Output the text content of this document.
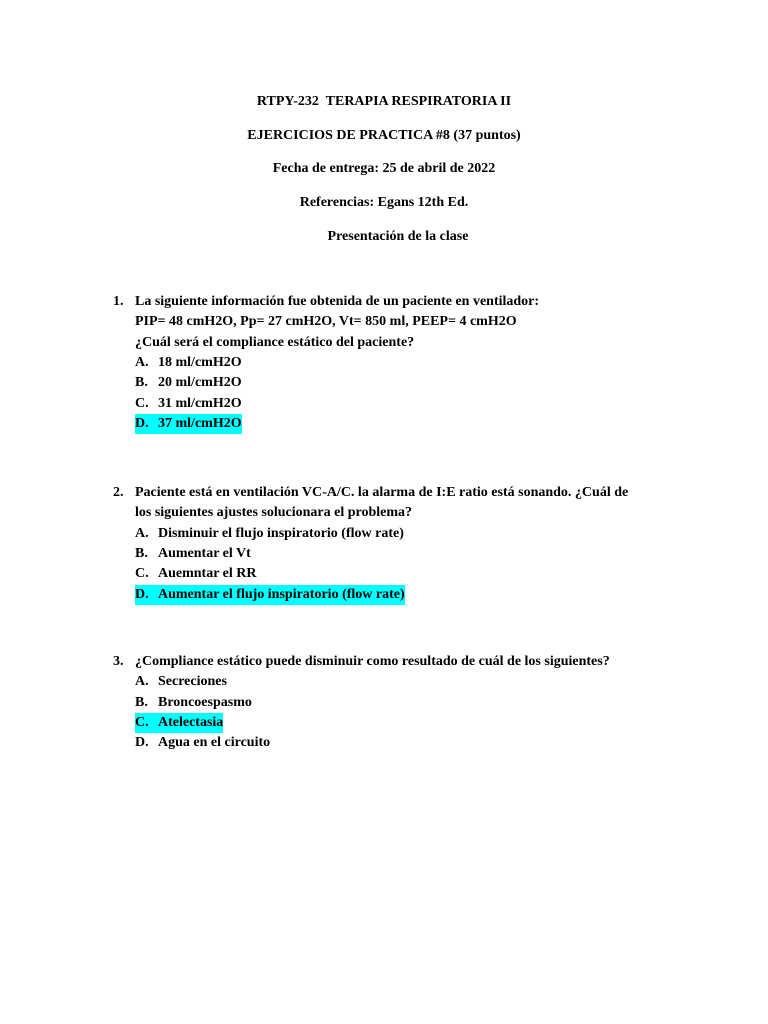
RTPY-232  TERAPIA RESPIRATORIA II
EJERCICIOS DE PRACTICA #8 (37 puntos)
Fecha de entrega: 25 de abril de 2022
Referencias: Egans 12th Ed.
Presentación de la clase
1. La siguiente información fue obtenida de un paciente en ventilador:
PIP= 48 cmH2O, Pp= 27 cmH2O, Vt= 850 ml, PEEP= 4 cmH2O
¿Cuál será el compliance estático del paciente?
A. 18 ml/cmH2O
B. 20 ml/cmH2O
C. 31 ml/cmH2O
D. 37 ml/cmH2O
2. Paciente está en ventilación VC-A/C. la alarma de I:E ratio está sonando. ¿Cuál de
los siguientes ajustes solucionara el problema?
A. Disminuir el flujo inspiratorio (flow rate)
B. Aumentar el Vt
C. Auemntar el RR
D. Aumentar el flujo inspiratorio (flow rate)
3. ¿Compliance estático puede disminuir como resultado de cuál de los siguientes?
A. Secreciones
B. Broncoespasmo
C. Atelectasia
D. Agua en el circuito
